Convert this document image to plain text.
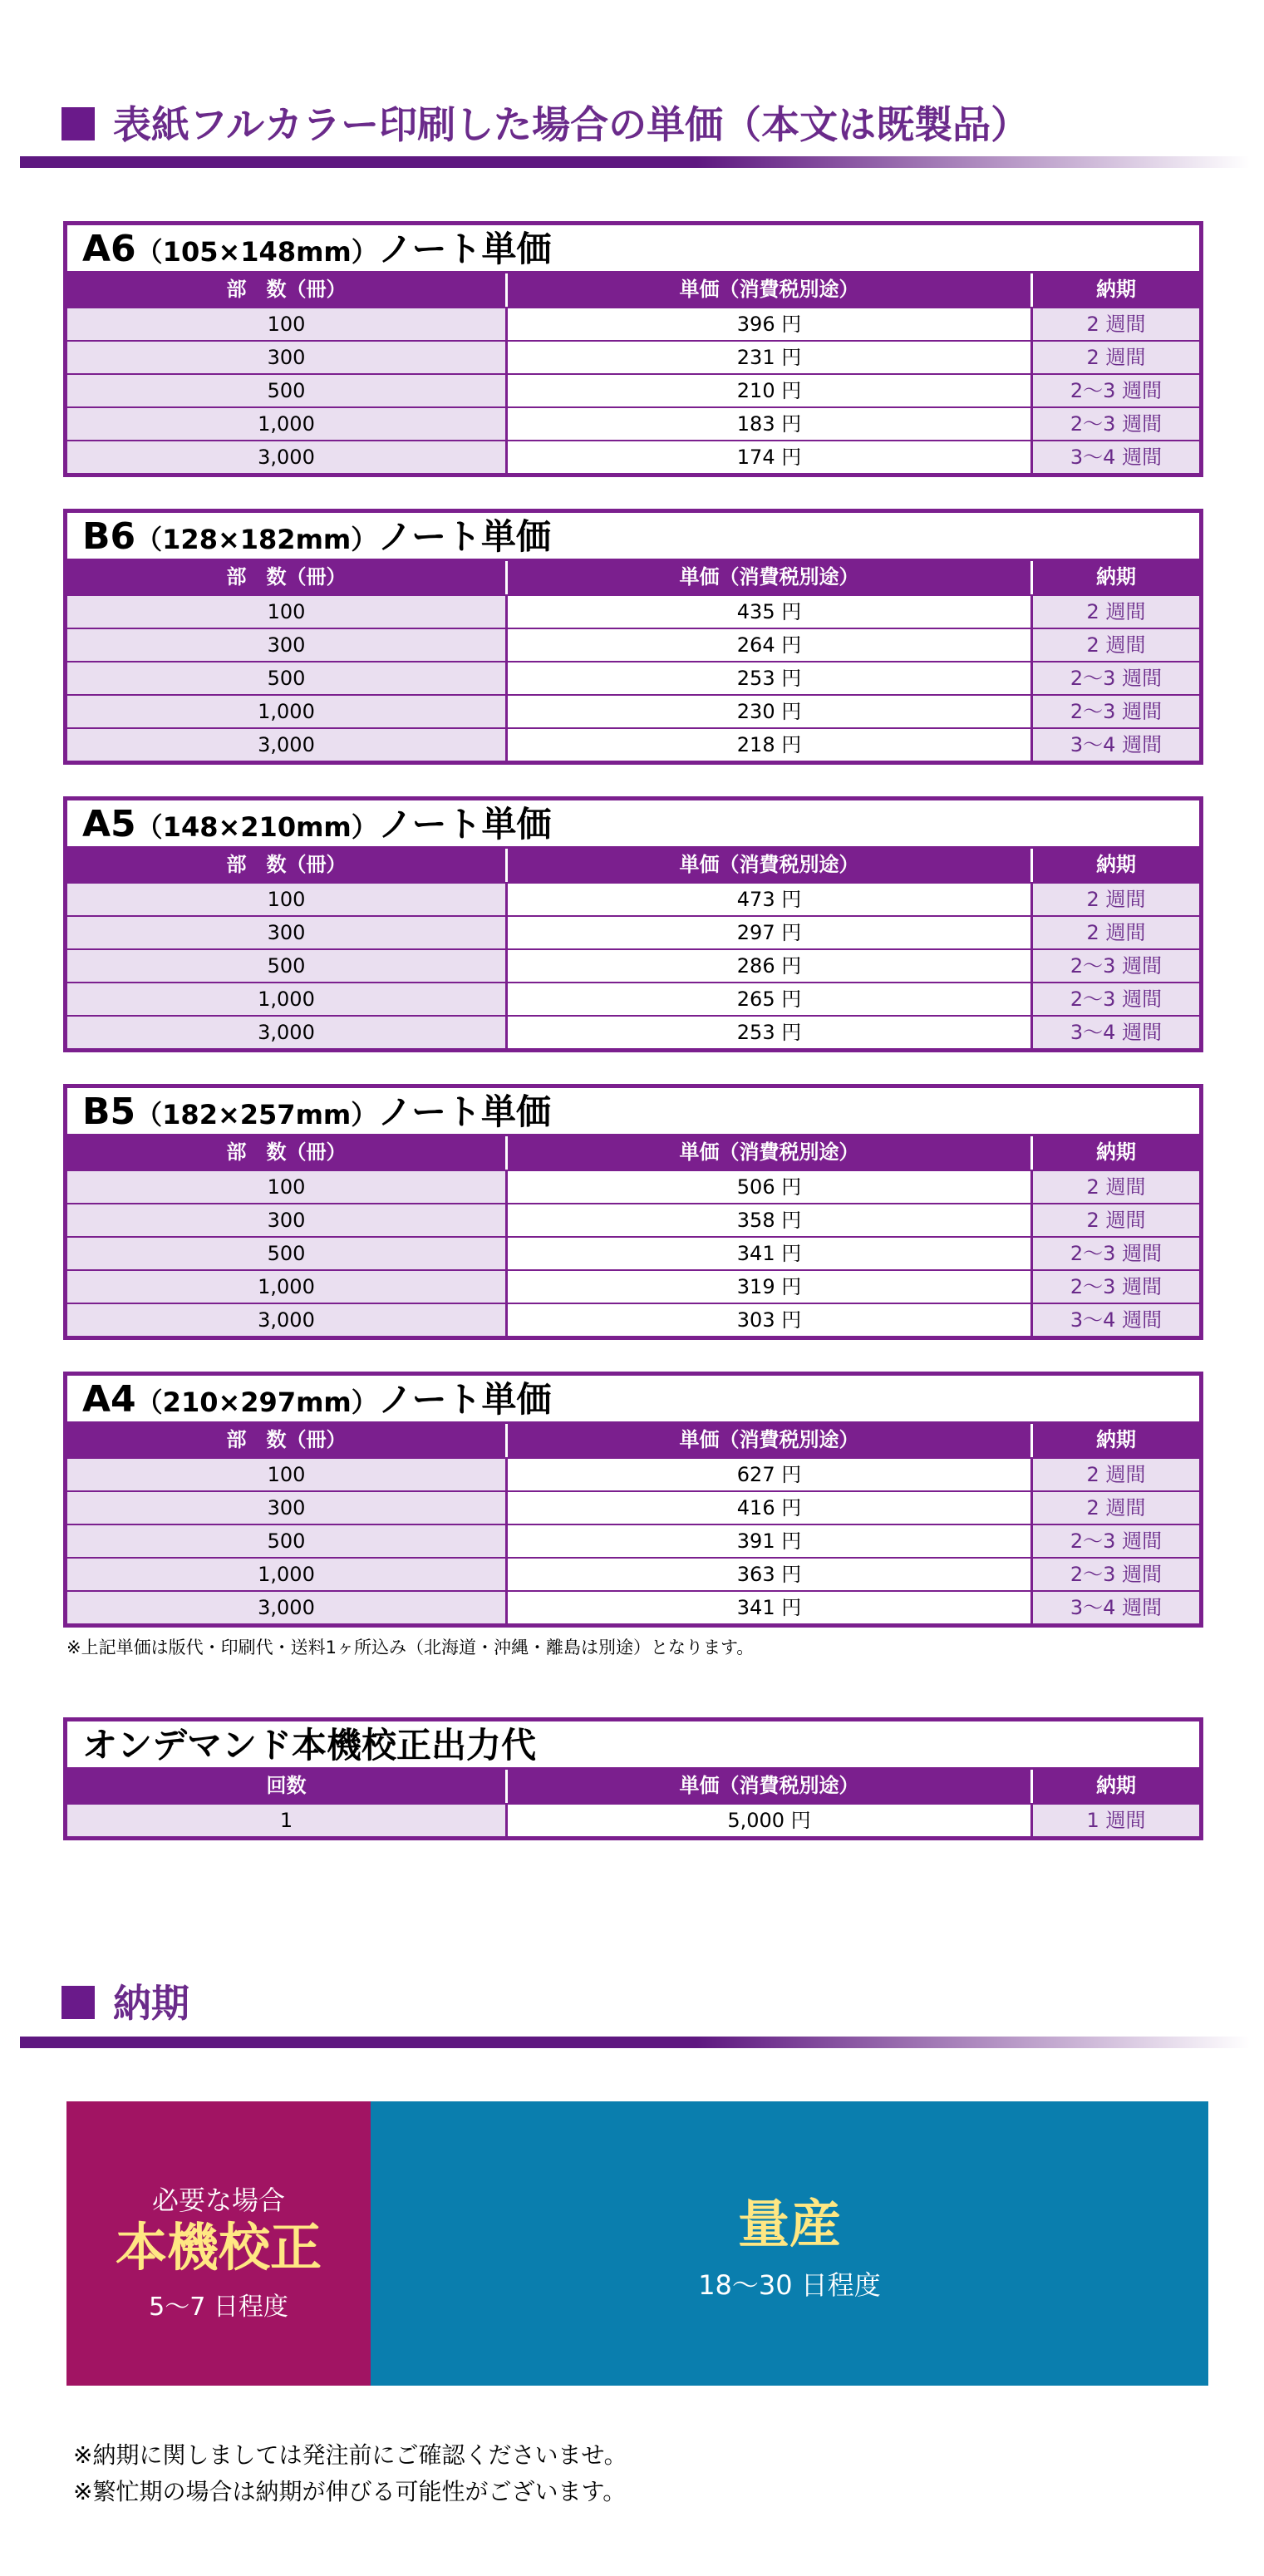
表紙フルカラー印刷した場合の単価（本文は既製品）
A6（105×148mm）ノート単価
部　数（冊）	単価（消費税別途）	納期
100	396 円	2 週間
300	231 円	2 週間
500	210 円	2～3 週間
1,000	183 円	2～3 週間
3,000	174 円	3～4 週間
B6（128×182mm）ノート単価
部　数（冊）	単価（消費税別途）	納期
100	435 円	2 週間
300	264 円	2 週間
500	253 円	2～3 週間
1,000	230 円	2～3 週間
3,000	218 円	3～4 週間
A5（148×210mm）ノート単価
部　数（冊）	単価（消費税別途）	納期
100	473 円	2 週間
300	297 円	2 週間
500	286 円	2～3 週間
1,000	265 円	2～3 週間
3,000	253 円	3～4 週間
B5（182×257mm）ノート単価
部　数（冊）	単価（消費税別途）	納期
100	506 円	2 週間
300	358 円	2 週間
500	341 円	2～3 週間
1,000	319 円	2～3 週間
3,000	303 円	3～4 週間
A4（210×297mm）ノート単価
部　数（冊）	単価（消費税別途）	納期
100	627 円	2 週間
300	416 円	2 週間
500	391 円	2～3 週間
1,000	363 円	2～3 週間
3,000	341 円	3～4 週間
※上記単価は版代・印刷代・送料1ヶ所込み（北海道・沖縄・離島は別途）となります。
オンデマンド本機校正出力代
回数	単価（消費税別途）	納期
1	5,000 円	1 週間
納期
必要な場合
本機校正
5～7 日程度
量産
18～30 日程度
※納期に関しましては発注前にご確認くださいませ。
※繁忙期の場合は納期が伸びる可能性がございます。
